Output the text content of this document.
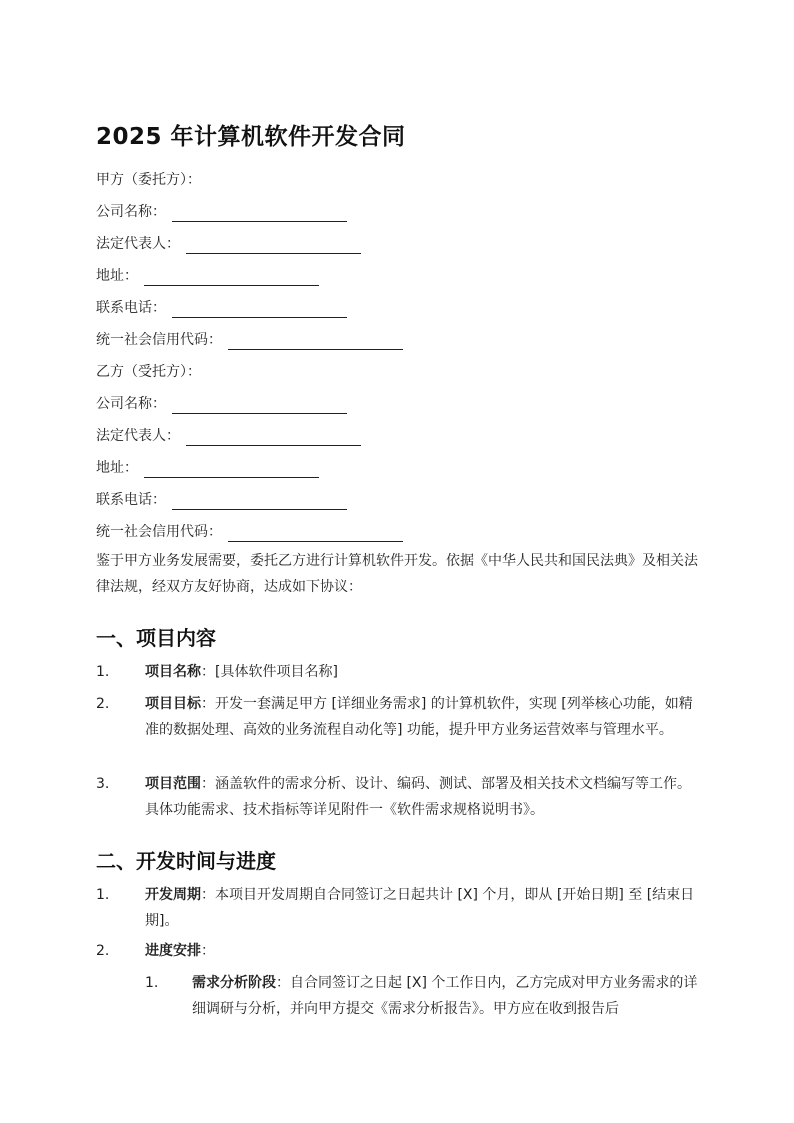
2025 年计算机软件开发合同
甲方（委托方）：
公司名称：
法定代表人：
地址：
联系电话：
统一社会信用代码：
乙方（受托方）：
公司名称：
法定代表人：
地址：
联系电话：
统一社会信用代码：

鉴于甲方业务发展需要，委托乙方进行计算机软件开发。依据《中华人民共和国民法典》及相关法律法规，经双方友好协商，达成如下协议：

一、项目内容
1.	项目名称：[具体软件项目名称]
2.	项目目标：开发一套满足甲方 [详细业务需求] 的计算机软件，实现 [列举核心功能，如精准的数据处理、高效的业务流程自动化等] 功能，提升甲方业务运营效率与管理水平。
3.	项目范围：涵盖软件的需求分析、设计、编码、测试、部署及相关技术文档编写等工作。具体功能需求、技术指标等详见附件一《软件需求规格说明书》。
二、开发时间与进度
1.	开发周期：本项目开发周期自合同签订之日起共计 [X] 个月，即从 [开始日期] 至 [结束日期]。
2.	进度安排：
1. 需求分析阶段：自合同签订之日起 [X] 个工作日内，乙方完成对甲方业务需求的详细调研与分析，并向甲方提交《需求分析报告》。甲方应在收到报告后
